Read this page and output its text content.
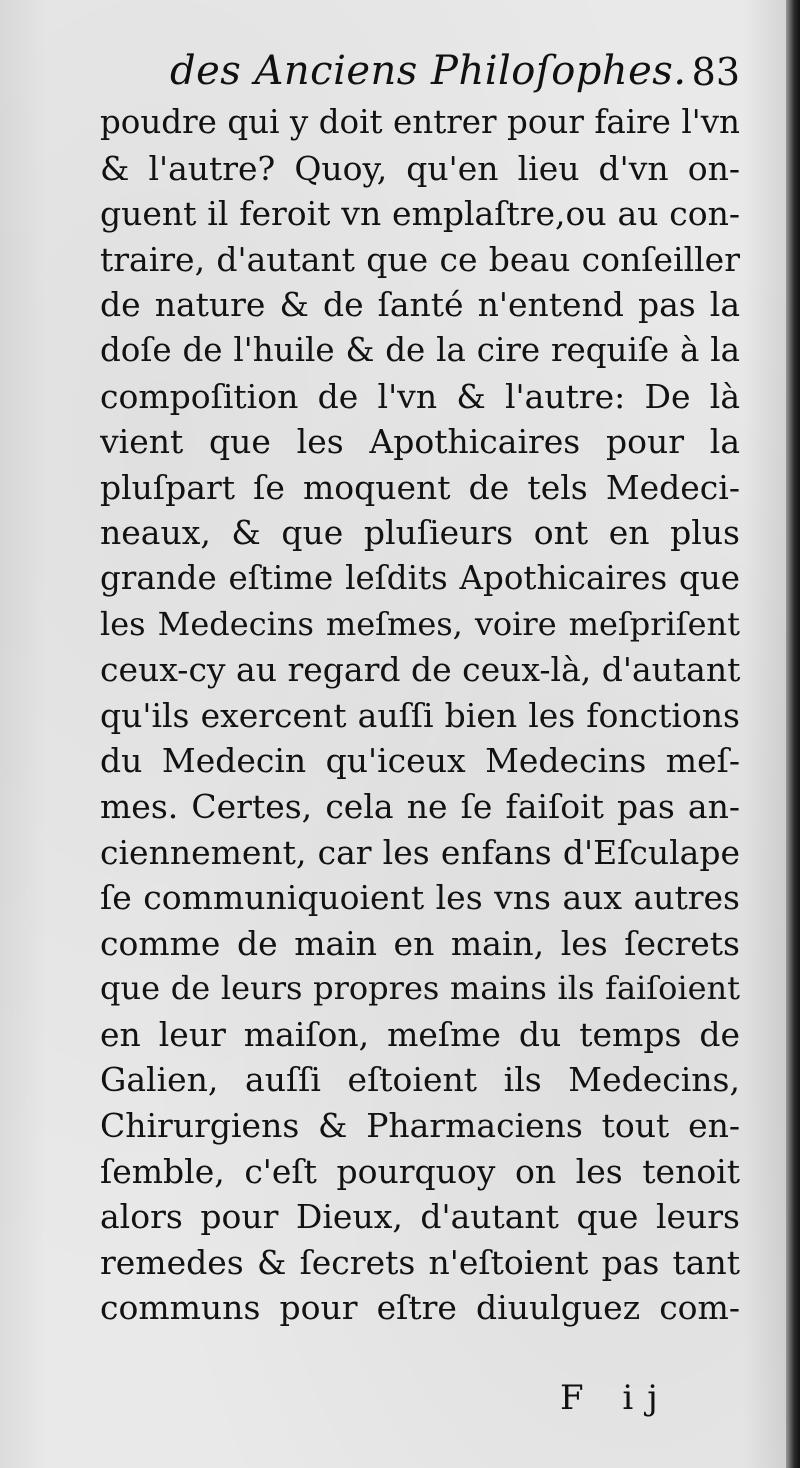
des Anciens Philoſophes. 83
poudre qui y doit entrer pour faire l'vn
& l'autre? Quoy, qu'en lieu d'vn on-
guent il feroit vn emplaſtre,ou au con-
traire, d'autant que ce beau conſeiller
de nature & de ſanté n'entend pas la
doſe de l'huile & de la cire requiſe à la
compoſition de l'vn & l'autre: De là
vient que les Apothicaires pour la
pluſpart ſe moquent de tels Medeci-
neaux, & que pluſieurs ont en plus
grande eſtime leſdits Apothicaires que
les Medecins meſmes, voire meſpriſent
ceux-cy au regard de ceux-là, d'autant
qu'ils exercent auſſi bien les fonctions
du Medecin qu'iceux Medecins meſ-
mes. Certes, cela ne ſe faiſoit pas an-
ciennement, car les enfans d'Eſculape
ſe communiquoient les vns aux autres
comme de main en main, les ſecrets
que de leurs propres mains ils faiſoient
en leur maiſon, meſme du temps de
Galien, auſſi eſtoient ils Medecins,
Chirurgiens & Pharmaciens tout en-
ſemble, c'eſt pourquoy on les tenoit
alors pour Dieux, d'autant que leurs
remedes & ſecrets n'eſtoient pas tant
communs pour eſtre diuulguez com-
F ij
